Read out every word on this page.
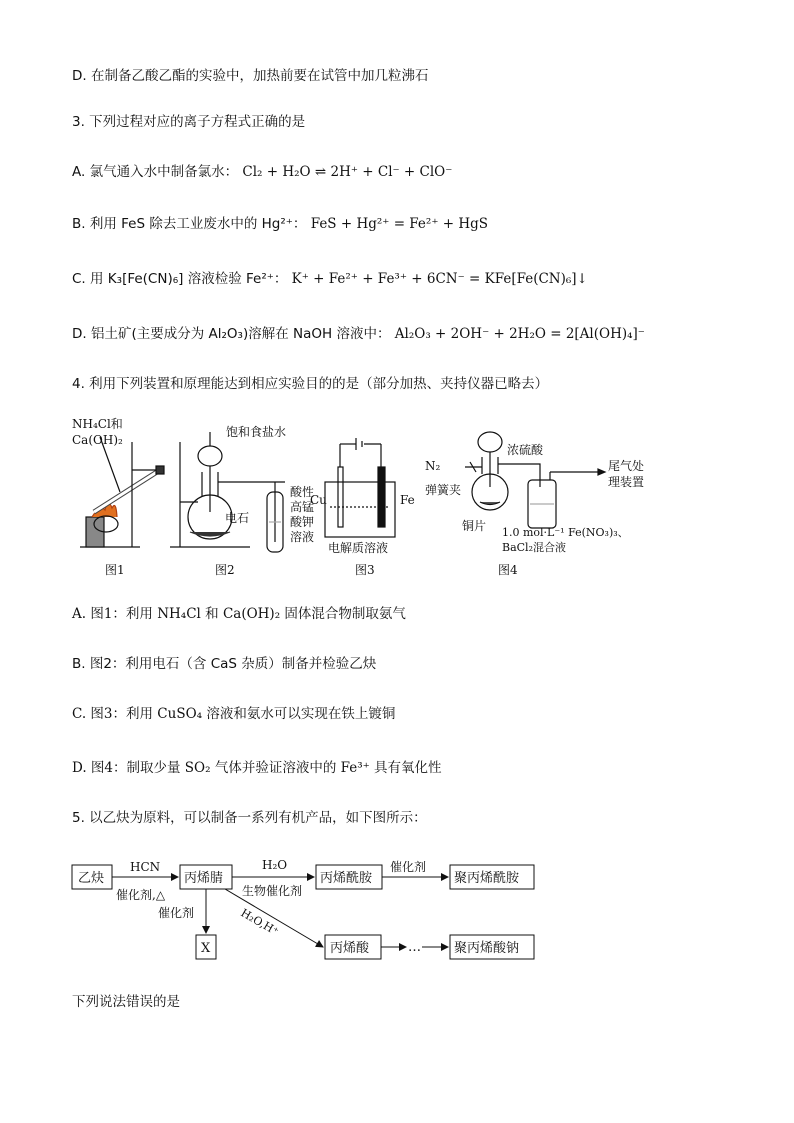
D. 在制备乙酸乙酯的实验中，加热前要在试管中加几粒沸石
3. 下列过程对应的离子方程式正确的是
A. 氯气通入水中制备氯水： Cl₂ + H₂O ⇌ 2H⁺ + Cl⁻ + ClO⁻
B. 利用 FeS 除去工业废水中的 Hg²⁺： FeS + Hg²⁺ = Fe²⁺ + HgS
C. 用 K₃[Fe(CN)₆] 溶液检验 Fe²⁺： K⁺ + Fe²⁺ + Fe³⁺ + 6CN⁻ = KFe[Fe(CN)₆]↓
D. 铝土矿(主要成分为 Al₂O₃)溶解在 NaOH 溶液中： Al₂O₃ + 2OH⁻ + 2H₂O = 2[Al(OH)₄]⁻
4. 利用下列装置和原理能达到相应实验目的的是（部分加热、夹持仪器已略去）
NH₄Cl和
Ca(OH)₂
图1
饱和食盐水
电石
酸性
高锰
酸钾
溶液
图2
Cu	Fe
电解质溶液
图3
N₂
弹簧夹
浓硫酸
尾气处
理装置
铜片 1.0 mol·L⁻¹ Fe(NO₃)₃、
BaCl₂混合液
图4
A. 图1：利用 NH₄Cl 和 Ca(OH)₂ 固体混合物制取氨气
B. 图2：利用电石（含 CaS 杂质）制备并检验乙炔
C. 图3：利用 CuSO₄ 溶液和氨水可以实现在铁上镀铜
D. 图4：制取少量 SO₂ 气体并验证溶液中的 Fe³⁺ 具有氧化性
5. 以乙炔为原料，可以制备一系列有机产品，如下图所示：
乙炔
HCN
催化剂,△
丙烯腈
H₂O
生物催化剂
丙烯酰胺
催化剂
聚丙烯酰胺
催化剂
X
H₂O,H⁺
丙烯酸	…	聚丙烯酸钠
下列说法错误的是
